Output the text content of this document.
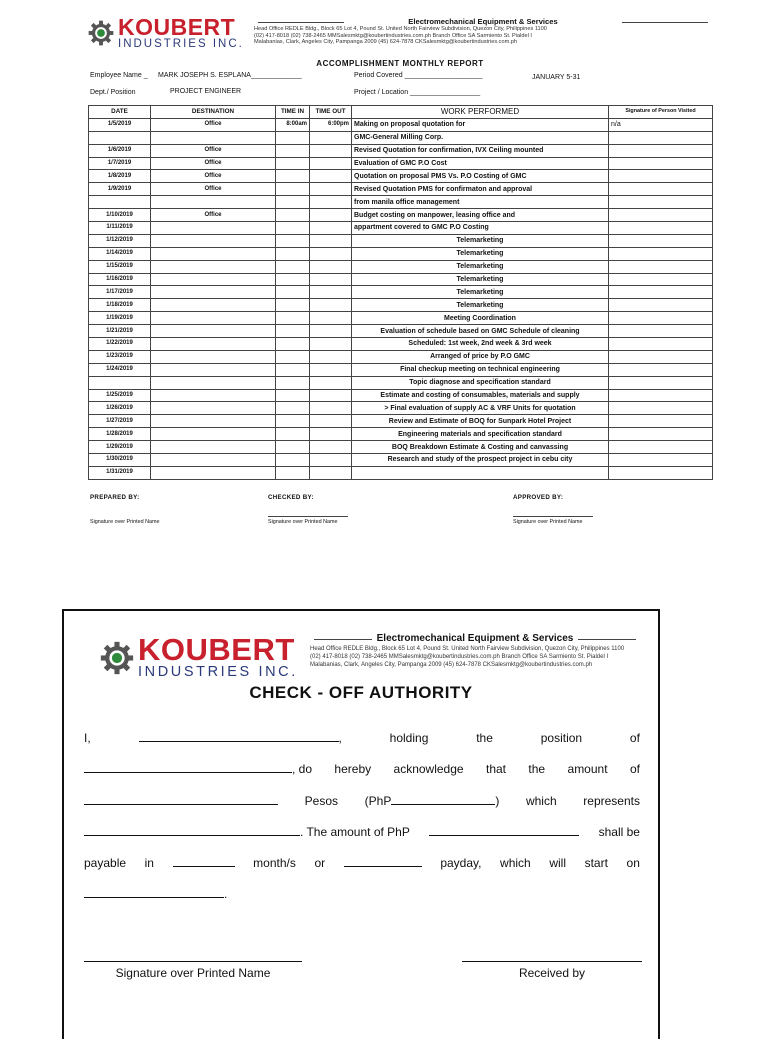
KOUBERT
INDUSTRIES INC.
Electromechanical Equipment & Services
Head Office REDLE Bldg., Block 65 Lot 4, Pound St. United North Fairview Subdivision, Quezon City, Philippines 1100
(02) 417-8018 (02) 738-2465 MMSalesmktg@koubertindustries.com.ph Branch Office SA Sarmiento St. Pialdel I
Malabanias, Clark, Angeles City, Pampanga 2009 (45) 624-7878 CKSalesmktg@koubertindustries.com.ph
ACCOMPLISHMENT MONTHLY REPORT
Employee Name _ MARK JOSEPH S. ESPLANA_____________	Period Covered ____________________	JANUARY 5-31
Dept./ Position	PROJECT ENGINEER	Project / Location __________________
DATE	DESTINATION	TIME IN	TIME OUT	WORK PERFORMED	Signature of Person Visited
1/5/2019	Office	8:00am	6:00pm	Making on proposal quotation for	n/a
				GMC-General Milling Corp.	
1/6/2019	Office			Revised Quotation for confirmation, IVX Ceiling mounted	
1/7/2019	Office			Evaluation of GMC P.O Cost	
1/8/2019	Office			Quotation on proposal PMS Vs. P.O Costing of GMC	
1/9/2019	Office			Revised Quotation PMS for confirmaton and approval	
				from manila office management	
1/10/2019	Office			Budget costing on manpower, leasing office and	
1/11/2019				appartment covered to GMC P.O Costing	
1/12/2019				Telemarketing	
1/14/2019				Telemarketing	
1/15/2019				Telemarketing	
1/16/2019				Telemarketing	
1/17/2019				Telemarketing	
1/18/2019				Telemarketing	
1/19/2019				Meeting Coordination	
1/21/2019				Evaluation of schedule based on GMC Schedule of cleaning	
1/22/2019				Scheduled: 1st week, 2nd week & 3rd week	
1/23/2019				Arranged of price by P.O GMC	
1/24/2019				Final checkup meeting on technical engineering	
				Topic diagnose and specification standard	
1/25/2019				Estimate and costing of consumables, materials and supply	
1/26/2019				> Final evaluation of supply AC & VRF Units for quotation	
1/27/2019				Review and Estimate of BOQ for Sunpark Hotel Project	
1/28/2019				Engineering materials and specification standard	
1/29/2019				BOQ Breakdown Estimate & Costing and canvassing	
1/30/2019				Research and study of the prospect project in cebu city	
1/31/2019					
PREPARED BY:
Signature over Printed Name
CHECKED BY:
Signature over Printed Name
APPROVED BY:
Signature over Printed Name
KOUBERT
INDUSTRIES INC.
Electromechanical Equipment & Services
Head Office REDLE Bldg., Block 65 Lot 4, Pound St. United North Fairview Subdivision, Quezon City, Philippines 1100
(02) 417-8018 (02) 738-2465 MMSalesmktg@koubertindustries.com.ph Branch Office SA Sarmiento St. Pialdel I
Malabanias, Clark, Angeles City, Pampanga 2009 (45) 624-7878 CKSalesmktg@koubertindustries.com.ph
CHECK - OFF AUTHORITY
I,	,	holding	the	position	of
, do hereby acknowledge that the amount of
Pesos (PhP	) which represents
. The amount of PhP	shall be
payable in	month/s or	payday, which will start on
.
Signature over Printed Name	Received by
